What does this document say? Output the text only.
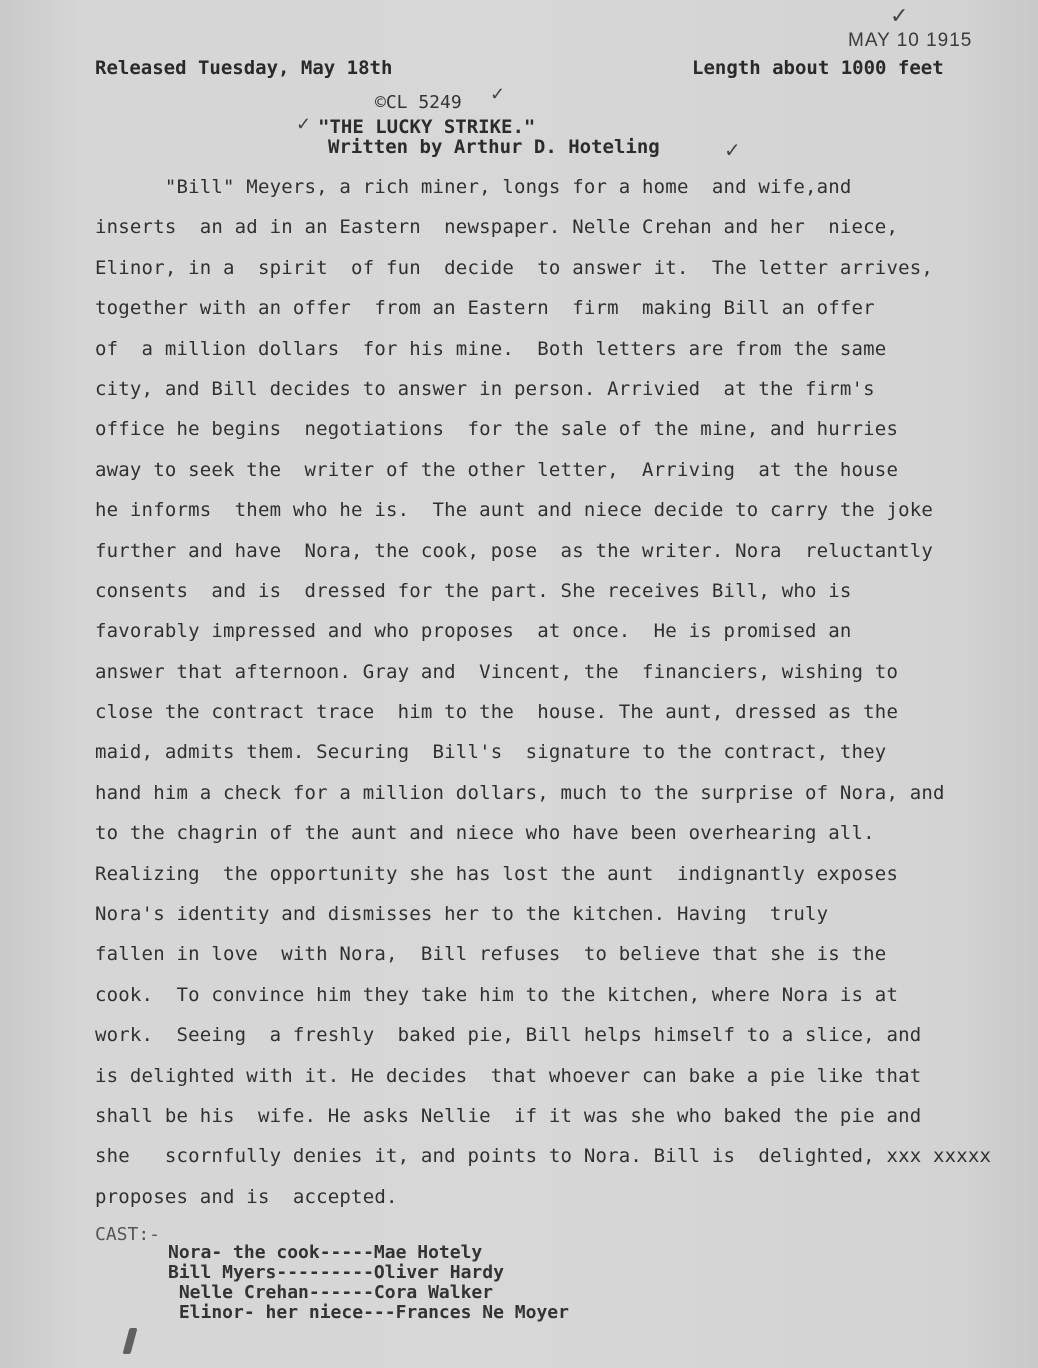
✓
MAY 10 1915
Released Tuesday, May 18th	Length about 1000 feet
©CL 5249 ✓
✓ "THE LUCKY STRIKE."
Written by Arthur D. Hoteling	✓
"Bill" Meyers, a rich miner, longs for a home  and wife,and
inserts  an ad in an Eastern  newspaper. Nelle Crehan and her  niece,
Elinor, in a  spirit  of fun  decide  to answer it.  The letter arrives,
together with an offer  from an Eastern  firm  making Bill an offer
of  a million dollars  for his mine.  Both letters are from the same
city, and Bill decides to answer in person. Arrivied  at the firm's
office he begins  negotiations  for the sale of the mine, and hurries
away to seek the  writer of the other letter,  Arriving  at the house
he informs  them who he is.  The aunt and niece decide to carry the joke
further and have  Nora, the cook, pose  as the writer. Nora  reluctantly
consents  and is  dressed for the part. She receives Bill, who is
favorably impressed and who proposes  at once.  He is promised an
answer that afternoon. Gray and  Vincent, the  financiers, wishing to
close the contract trace  him to the  house. The aunt, dressed as the
maid, admits them. Securing  Bill's  signature to the contract, they
hand him a check for a million dollars, much to the surprise of Nora, and
to the chagrin of the aunt and niece who have been overhearing all.
Realizing  the opportunity she has lost the aunt  indignantly exposes
Nora's identity and dismisses her to the kitchen. Having  truly
fallen in love  with Nora,  Bill refuses  to believe that she is the
cook.  To convince him they take him to the kitchen, where Nora is at
work.  Seeing  a freshly  baked pie, Bill helps himself to a slice, and
is delighted with it. He decides  that whoever can bake a pie like that
shall be his  wife. He asks Nellie  if it was she who baked the pie and
she   scornfully denies it, and points to Nora. Bill is  delighted, xxx xxxxx
proposes and is  accepted.
CAST:-
Nora- the cook-----Mae Hotely
Bill Myers---------Oliver Hardy
Nelle Crehan------Cora Walker
Elinor- her niece---Frances Ne Moyer
